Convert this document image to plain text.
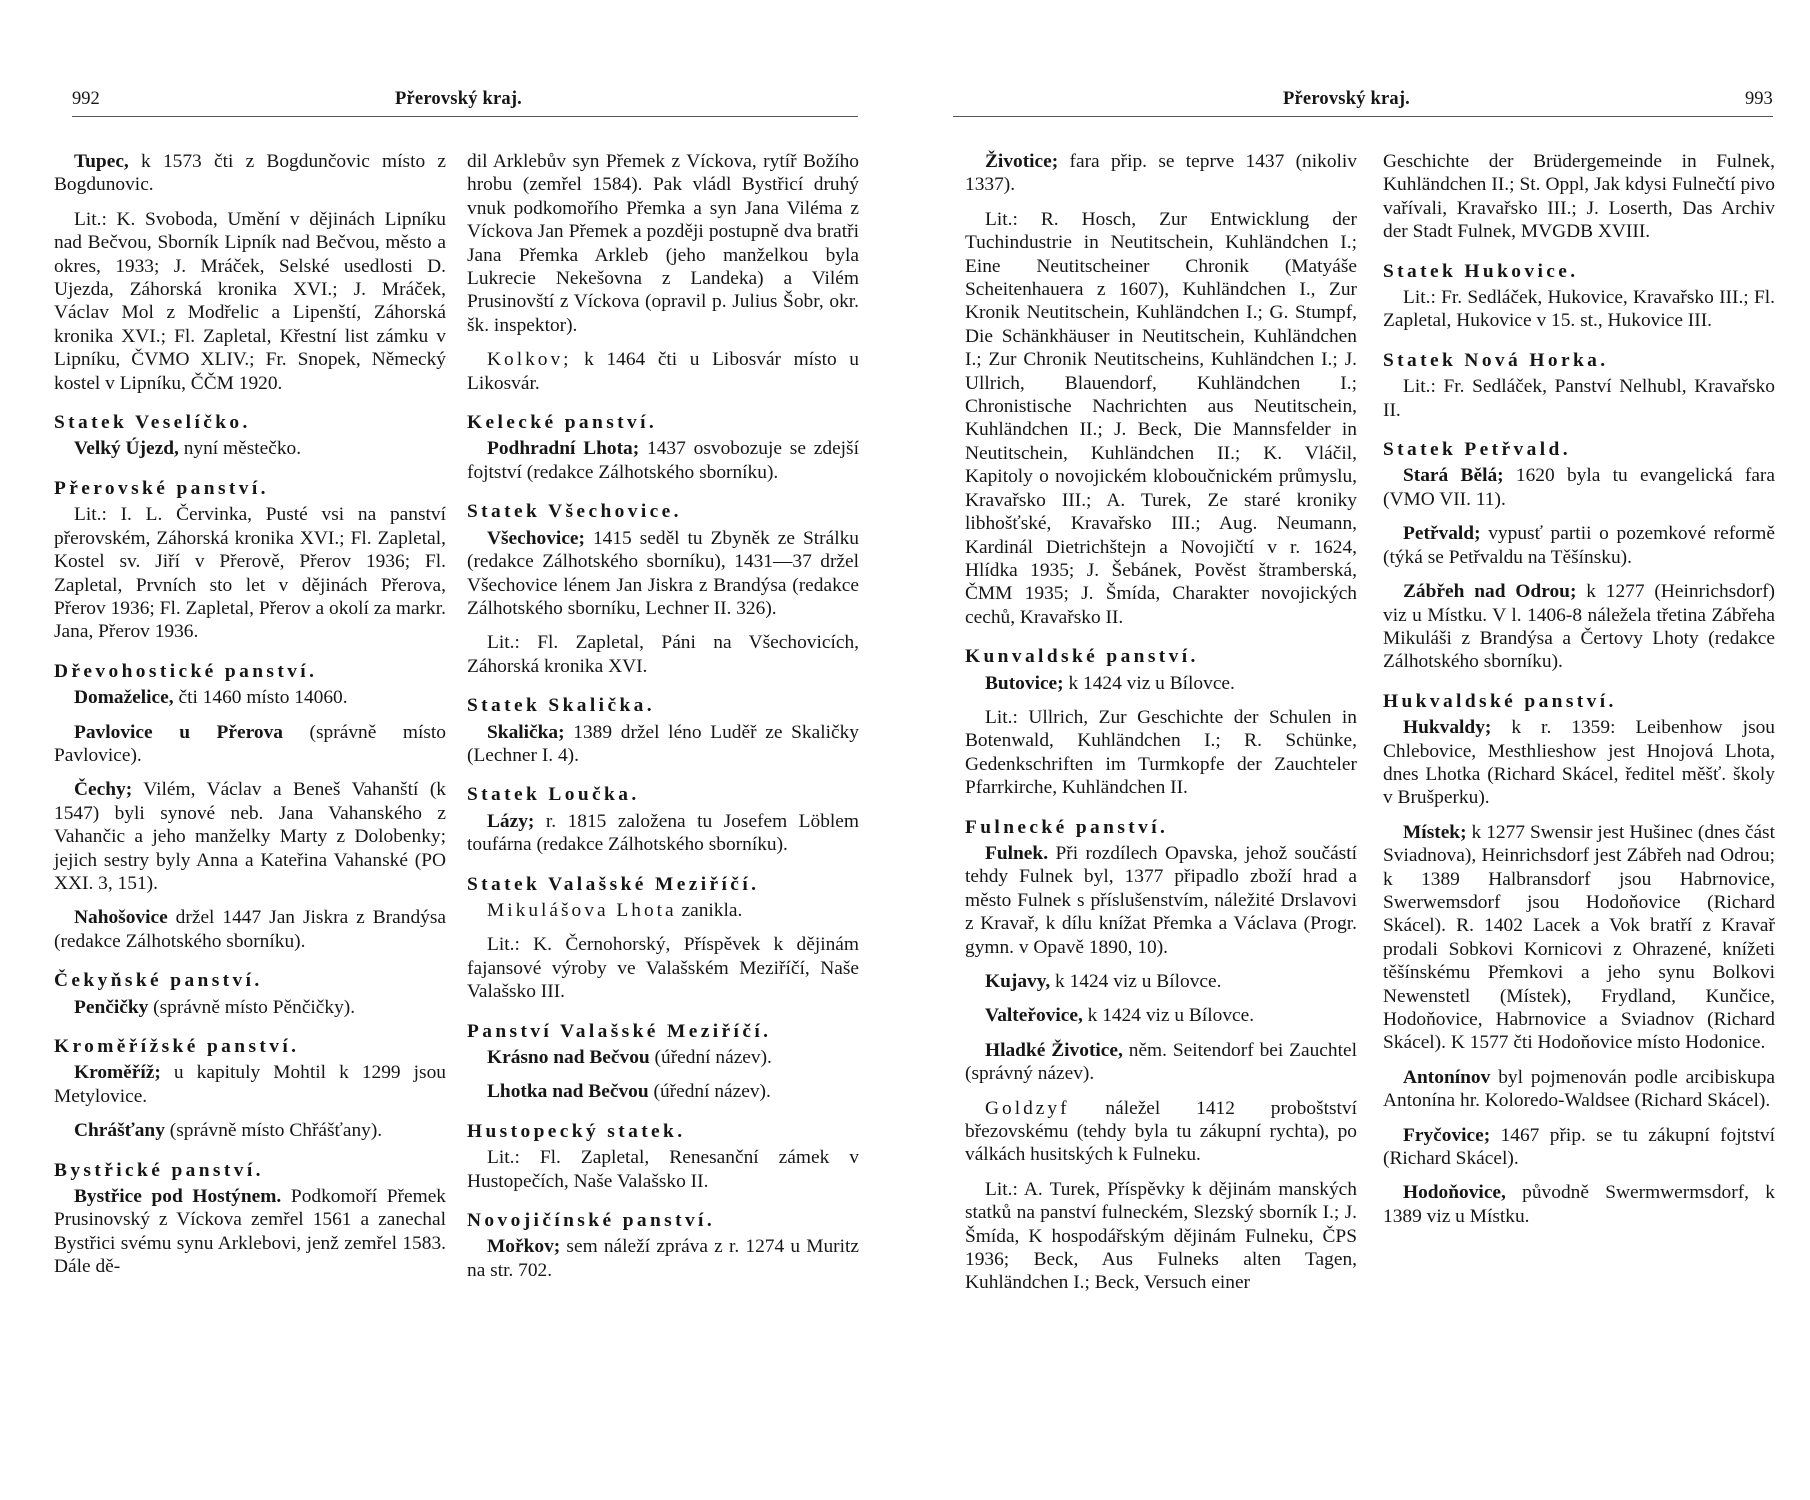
992	Přerovský kraj.

Tupec, k 1573 čti z Bogdunčovic místo z Bogdunovic.

Lit.: K. Svoboda, Umění v dějinách Lipníku nad Bečvou, Sborník Lipník nad Bečvou, město a okres, 1933; J. Mráček, Selské usedlosti D. Ujezda, Záhorská kronika XVI.; J. Mráček, Václav Mol z Modřelic a Lipenští, Záhorská kronika XVI.; Fl. Zapletal, Křestní list zámku v Lipníku, ČVMO XLIV.; Fr. Snopek, Německý kostel v Lipníku, ČČM 1920.

Statek Veselíčko.

Velký Újezd, nyní městečko.

Přerovské panství.

Lit.: I. L. Červinka, Pusté vsi na panství přerovském, Záhorská kronika XVI.; Fl. Zapletal, Kostel sv. Jiří v Přerově, Přerov 1936; Fl. Zapletal, Prvních sto let v dějinách Přerova, Přerov 1936; Fl. Zapletal, Přerov a okolí za markr. Jana, Přerov 1936.

Dřevohostické panství.

Domaželice, čti 1460 místo 14060.

Pavlovice u Přerova (správně místo Pavlovice).

Čechy; Vilém, Václav a Beneš Vahanští (k 1547) byli synové neb. Jana Vahanského z Vahančic a jeho manželky Marty z Dolobenky; jejich sestry byly Anna a Kateřina Vahanské (PO XXI. 3, 151).

Nahošovice držel 1447 Jan Jiskra z Brandýsa (redakce Zálhotského sborníku).

Čekyňské panství.

Penčičky (správně místo Pěnčičky).

Kroměřížské panství.

Kroměříž; u kapituly Mohtil k 1299 jsou Metylovice.

Chrášťany (správně místo Chřášťany).

Bystřické panství.

Bystřice pod Hostýnem. Podkomoří Přemek Prusinovský z Víckova zemřel 1561 a zanechal Bystřici svému synu Arklebovi, jenž zemřel 1583. Dále dě-

dil Arklebův syn Přemek z Víckova, rytíř Božího hrobu (zemřel 1584). Pak vládl Bystřicí druhý vnuk podkomořího Přemka a syn Jana Viléma z Víckova Jan Přemek a později postupně dva bratři Jana Přemka Arkleb (jeho manželkou byla Lukrecie Nekešovna z Landeka) a Vilém Prusinovští z Víckova (opravil p. Julius Šobr, okr. šk. inspektor).

Kolkov; k 1464 čti u Libosvár místo u Likosvár.

Kelecké panství.

Podhradní Lhota; 1437 osvobozuje se zdejší fojtství (redakce Zálhotského sborníku).

Statek Všechovice.

Všechovice; 1415 seděl tu Zbyněk ze Strálku (redakce Zálhotského sborníku), 1431—37 držel Všechovice lénem Jan Jiskra z Brandýsa (redakce Zálhotského sborníku, Lechner II. 326).

Lit.: Fl. Zapletal, Páni na Všechovicích, Záhorská kronika XVI.

Statek Skalička.

Skalička; 1389 držel léno Luděř ze Skaličky (Lechner I. 4).

Statek Loučka.

Lázy; r. 1815 založena tu Josefem Löblem toufárna (redakce Zálhotského sborníku).

Statek Valašské Meziříčí.

Mikulášova Lhota zanikla.

Lit.: K. Černohorský, Příspěvek k dějinám fajansové výroby ve Valašském Meziříčí, Naše Valašsko III.

Panství Valašské Meziříčí.

Krásno nad Bečvou (úřední název).

Lhotka nad Bečvou (úřední název).

Hustopecký statek.

Lit.: Fl. Zapletal, Renesanční zámek v Hustopečích, Naše Valašsko II.

Novojičínské panství.

Mořkov; sem náleží zpráva z r. 1274 u Muritz na str. 702.

Přerovský kraj.	993

Životice; fara přip. se teprve 1437 (nikoliv 1337).

Lit.: R. Hosch, Zur Entwicklung der Tuchindustrie in Neutitschein, Kuhländchen I.; Eine Neutitscheiner Chronik (Matyáše Scheitenhauera z 1607), Kuhländchen I., Zur Kronik Neutitschein, Kuhländchen I.; G. Stumpf, Die Schänkhäuser in Neutitschein, Kuhländchen I.; Zur Chronik Neutitscheins, Kuhländchen I.; J. Ullrich, Blauendorf, Kuhländchen I.; Chronistische Nachrichten aus Neutitschein, Kuhländchen II.; J. Beck, Die Mannsfelder in Neutitschein, Kuhländchen II.; K. Vláčil, Kapitoly o novojickém kloboučnickém průmyslu, Kravařsko III.; A. Turek, Ze staré kroniky libhošťské, Kravařsko III.; Aug. Neumann, Kardinál Dietrichštejn a Novojičtí v r. 1624, Hlídka 1935; J. Šebánek, Pověst štramberská, ČMM 1935; J. Šmída, Charakter novojických cechů, Kravařsko II.

Kunvaldské panství.

Butovice; k 1424 viz u Bílovce.

Lit.: Ullrich, Zur Geschichte der Schulen in Botenwald, Kuhländchen I.; R. Schünke, Gedenkschriften im Turmkopfe der Zauchteler Pfarrkirche, Kuhländchen II.

Fulnecké panství.

Fulnek. Při rozdílech Opavska, jehož součástí tehdy Fulnek byl, 1377 připadlo zboží hrad a město Fulnek s příslušenstvím, náležité Drslavovi z Kravař, k dílu knížat Přemka a Václava (Progr. gymn. v Opavě 1890, 10).

Kujavy, k 1424 viz u Bílovce.

Valteřovice, k 1424 viz u Bílovce.

Hladké Životice, něm. Seitendorf bei Zauchtel (správný název).

Goldzyf náležel 1412 proboštství březovskému (tehdy byla tu zákupní rychta), po válkách husitských k Fulneku.

Lit.: A. Turek, Příspěvky k dějinám manských statků na panství fulneckém, Slezský sborník I.; J. Šmída, K hospodářským dějinám Fulneku, ČPS 1936; Beck, Aus Fulneks alten Tagen, Kuhländchen I.; Beck, Versuch einer

Geschichte der Brüdergemeinde in Fulnek, Kuhländchen II.; St. Oppl, Jak kdysi Fulnečtí pivo vařívali, Kravařsko III.; J. Loserth, Das Archiv der Stadt Fulnek, MVGDB XVIII.

Statek Hukovice.

Lit.: Fr. Sedláček, Hukovice, Kravařsko III.; Fl. Zapletal, Hukovice v 15. st., Hukovice III.

Statek Nová Horka.

Lit.: Fr. Sedláček, Panství Nelhubl, Kravařsko II.

Statek Petřvald.

Stará Bělá; 1620 byla tu evangelická fara (VMO VII. 11).

Petřvald; vypusť partii o pozemkové reformě (týká se Petřvaldu na Těšínsku).

Zábřeh nad Odrou; k 1277 (Heinrichsdorf) viz u Místku. V l. 1406-8 náležela třetina Zábřeha Mikuláši z Brandýsa a Čertovy Lhoty (redakce Zálhotského sborníku).

Hukvaldské panství.

Hukvaldy; k r. 1359: Leibenhow jsou Chlebovice, Mesthlieshow jest Hnojová Lhota, dnes Lhotka (Richard Skácel, ředitel měšť. školy v Brušperku).

Místek; k 1277 Swensir jest Hušinec (dnes část Sviadnova), Heinrichsdorf jest Zábřeh nad Odrou; k 1389 Halbransdorf jsou Habrnovice, Swerwemsdorf jsou Hodoňovice (Richard Skácel). R. 1402 Lacek a Vok bratří z Kravař prodali Sobkovi Kornicovi z Ohrazené, knížeti těšínskému Přemkovi a jeho synu Bolkovi Newenstetl (Místek), Frydland, Kunčice, Hodoňovice, Habrnovice a Sviadnov (Richard Skácel). K 1577 čti Hodoňovice místo Hodonice.

Antonínov byl pojmenován podle arcibiskupa Antonína hr. Koloredo-Waldsee (Richard Skácel).

Fryčovice; 1467 přip. se tu zákupní fojtství (Richard Skácel).

Hodoňovice, původně Swermwermsdorf, k 1389 viz u Místku.
